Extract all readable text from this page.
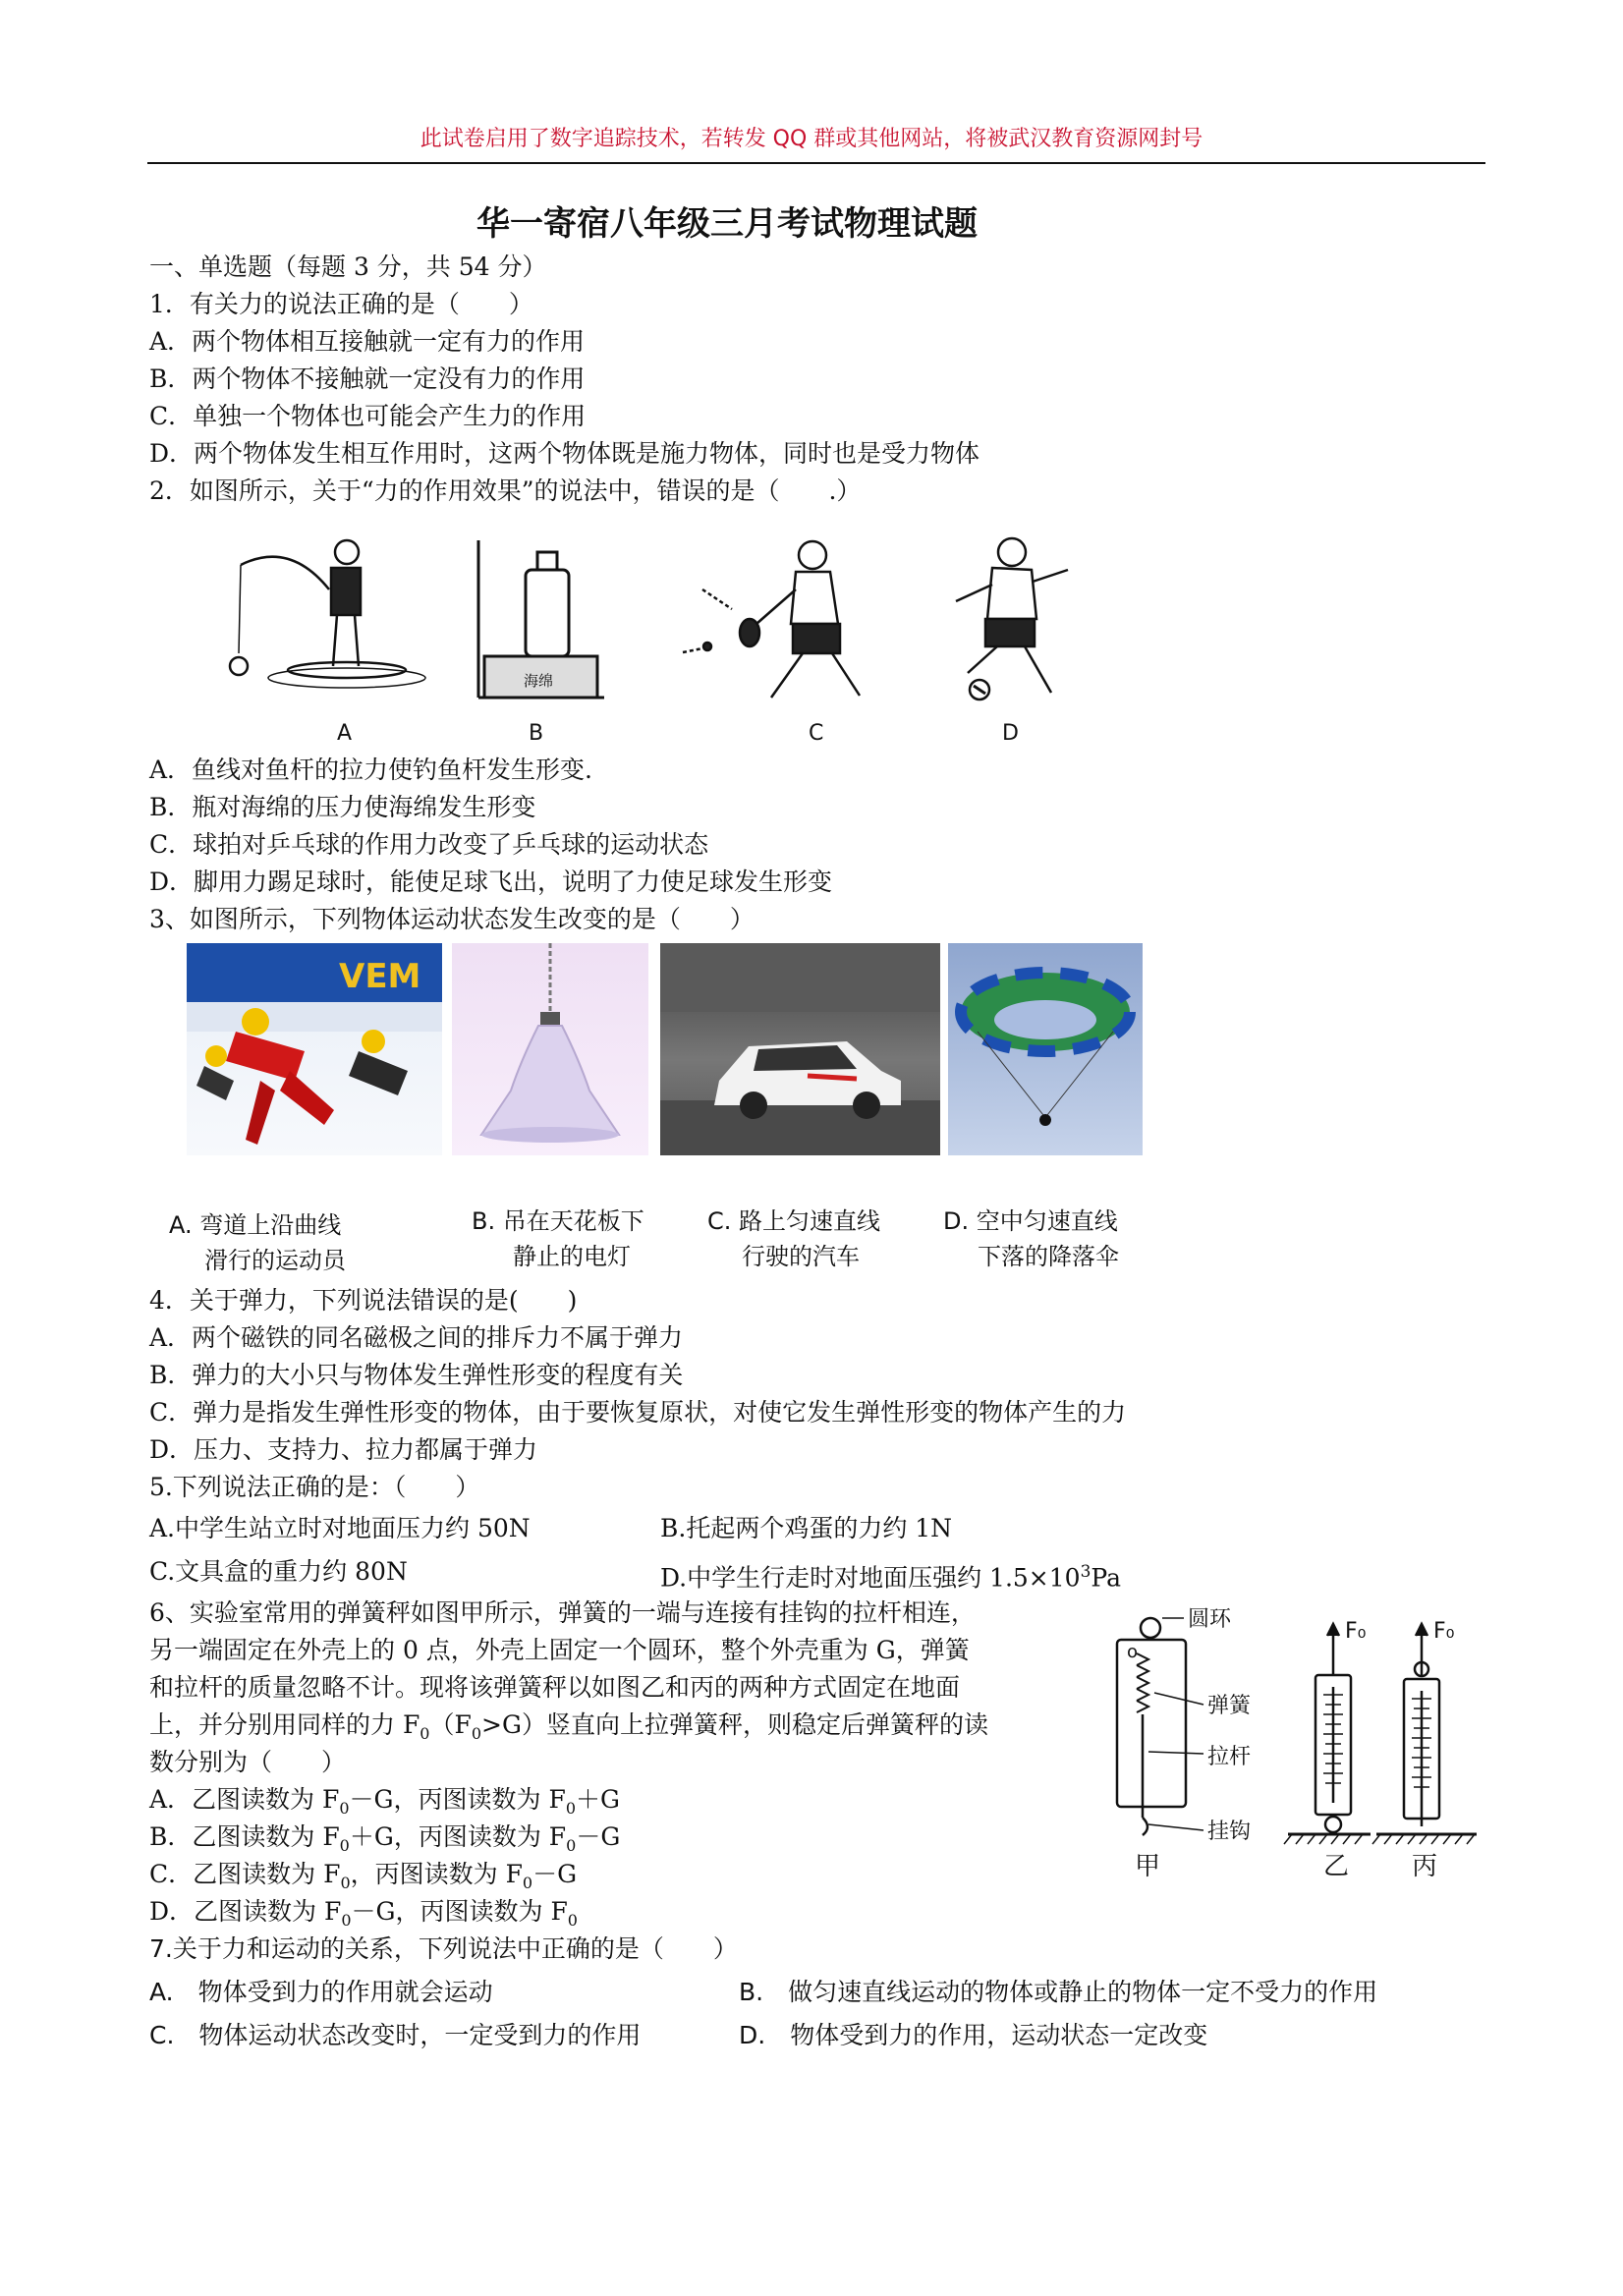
此试卷启用了数字追踪技术，若转发 QQ 群或其他网站，将被武汉教育资源网封号
华一寄宿八年级三月考试物理试题
一、单选题（每题 3 分，共 54 分）
1．有关力的说法正确的是（　　）
A．两个物体相互接触就一定有力的作用
B．两个物体不接触就一定没有力的作用
C．单独一个物体也可能会产生力的作用
D．两个物体发生相互作用时，这两个物体既是施力物体，同时也是受力物体
2．如图所示，关于“力的作用效果”的说法中，错误的是（　　.）
海绵
A	B	C	D
A．鱼线对鱼杆的拉力使钓鱼杆发生形变.
B．瓶对海绵的压力使海绵发生形变
C．球拍对乒乓球的作用力改变了乒乓球的运动状态
D．脚用力踢足球时，能使足球飞出，说明了力使足球发生形变
3、如图所示，下列物体运动状态发生改变的是（　　）
VEM
A. 弯道上沿曲线
滑行的运动员
B. 吊在天花板下
静止的电灯
C. 路上匀速直线
行驶的汽车
D. 空中匀速直线
下落的降落伞
4．关于弹力，下列说法错误的是(　　)
A．两个磁铁的同名磁极之间的排斥力不属于弹力
B．弹力的大小只与物体发生弹性形变的程度有关
C．弹力是指发生弹性形变的物体，由于要恢复原状，对使它发生弹性形变的物体产生的力
D．压力、支持力、拉力都属于弹力
5.下列说法正确的是：（　　）
A.中学生站立时对地面压力约 50N	B.托起两个鸡蛋的力约 1N
C.文具盒的重力约 80N	D.中学生行走时对地面压强约 $1.5\times 10^3Pa$
6、实验室常用的弹簧秤如图甲所示，弹簧的一端与连接有挂钩的拉杆相连，
另一端固定在外壳上的 0 点，外壳上固定一个圆环，整个外壳重为 G，弹簧
和拉杆的质量忽略不计。现将该弹簧秤以如图乙和丙的两种方式固定在地面
上，并分别用同样的力 $F_0(F_0>G)$竖直向上拉弹簧秤，则稳定后弹簧秤的读
数分别为（　　）
A．乙图读数为 $F_0-G$，丙图读数为 $F_0+G$
B．乙图读数为 $F_0+G$，丙图读数为 $F_0-G$
C．乙图读数为 $F_0$，丙图读数为 $F_0-G$
D．乙图读数为 $F_0-G$，丙图读数为 $F_0$
圆环
o
弹簧
拉杆
挂钩
甲
F₀
乙
F₀
丙
7.关于力和运动的关系，下列说法中正确的是（　　）
A.　物体受到力的作用就会运动	B.　做匀速直线运动的物体或静止的物体一定不受力的作用
C.　物体运动状态改变时，一定受到力的作用	D.　物体受到力的作用，运动状态一定改变
